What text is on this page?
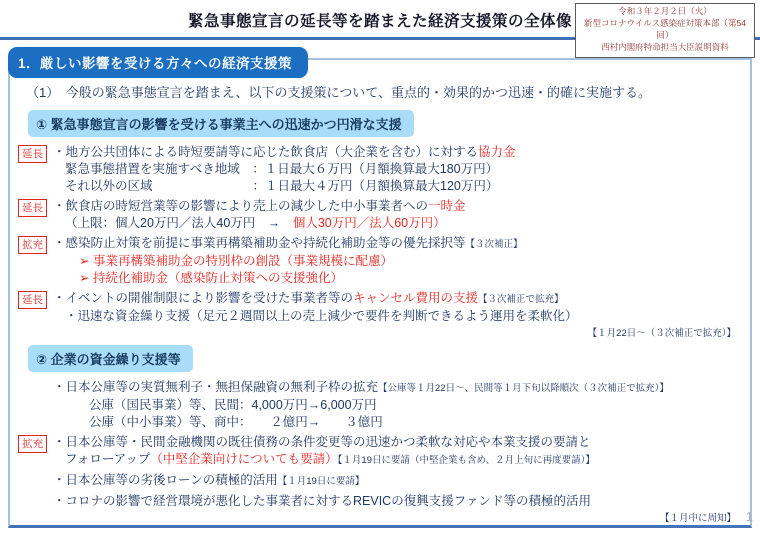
緊急事態宣言の延長等を踏まえた経済支援策の全体像
令和３年２月２日（火）
新型コロナウイルス感染症対策本部（第54回）
西村内閣府特命担当大臣説明資料
1．厳しい影響を受ける方々への経済支援策
（1）　今般の緊急事態宣言を踏まえ、以下の支援策について、重点的・効果的かつ迅速・的確に実施する。
① 緊急事態宣言の影響を受ける事業主への迅速かつ円滑な支援
延長 ・地方公共団体による時短要請等に応じた飲食店（大企業を含む）に対する協力金
緊急事態措置を実施すべき地域　：１日最大６万円（月額換算最大180万円）
それ以外の区域　　　　　　　　：１日最大４万円（月額換算最大120万円）
延長 ・飲食店の時短営業等の影響により売上の減少した中小事業者への一時金
（上限：個人20万円／法人40万円　→　個人30万円／法人60万円）
拡充 ・感染防止対策を前提に事業再構築補助金や持続化補助金等の優先採択等【３次補正】
➢ 事業再構築補助金の特別枠の創設（事業規模に配慮）
➢ 持続化補助金（感染防止対策への支援強化）
延長 ・イベントの開催制限により影響を受けた事業者等のキャンセル費用の支援【３次補正で拡充】
・迅速な資金繰り支援（足元２週間以上の売上減少で要件を判断できるよう運用を柔軟化）
【１月22日～（３次補正で拡充）】
② 企業の資金繰り支援等
・日本公庫等の実質無利子・無担保融資の無利子枠の拡充【公庫等１月22日～、民間等１月下旬以降順次（３次補正で拡充）】
公庫（国民事業）等、民間：4,000万円→6,000万円
公庫（中小事業）等、商中：　　２億円→　　３億円
拡充 ・日本公庫等・民間金融機関の既往債務の条件変更等の迅速かつ柔軟な対応や本業支援の要請と
フォローアップ（中堅企業向けについても要請）【１月19日に要請（中堅企業も含め、２月上旬に再度要請）】
・日本公庫等の劣後ローンの積極的活用【１月19日に要請】
・コロナの影響で経営環境が悪化した事業者に対するREVICの復興支援ファンド等の積極的活用
【１月中に周知】 1
